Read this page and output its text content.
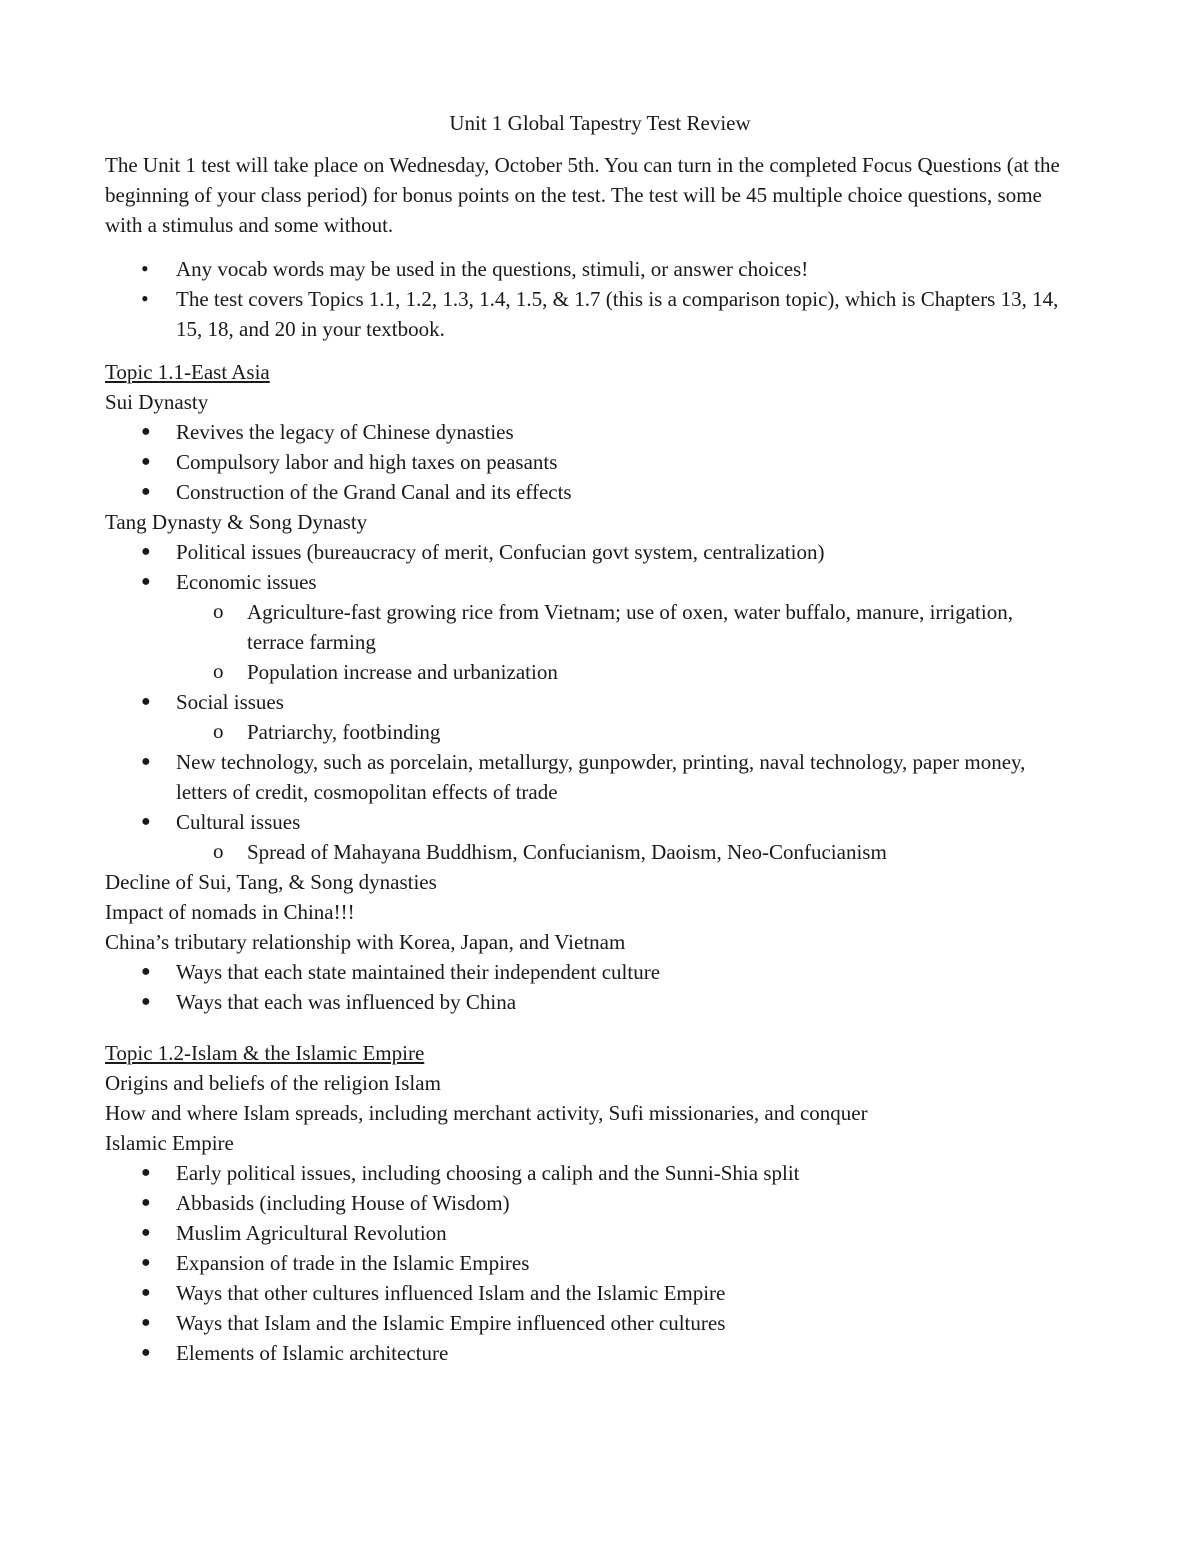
Unit 1 Global Tapestry Test Review

The Unit 1 test will take place on Wednesday, October 5th. You can turn in the completed Focus Questions (at the beginning of your class period) for bonus points on the test. The test will be 45 multiple choice questions, some with a stimulus and some without.

• Any vocab words may be used in the questions, stimuli, or answer choices!
• The test covers Topics 1.1, 1.2, 1.3, 1.4, 1.5, & 1.7 (this is a comparison topic), which is Chapters 13, 14, 15, 18, and 20 in your textbook.
Topic 1.1-East Asia
Sui Dynasty
● Revives the legacy of Chinese dynasties
● Compulsory labor and high taxes on peasants
● Construction of the Grand Canal and its effects
Tang Dynasty & Song Dynasty
● Political issues (bureaucracy of merit, Confucian govt system, centralization)
● Economic issues
o Agriculture-fast growing rice from Vietnam; use of oxen, water buffalo, manure, irrigation, terrace farming
o Population increase and urbanization
● Social issues
o Patriarchy, footbinding
● New technology, such as porcelain, metallurgy, gunpowder, printing, naval technology, paper money, letters of credit, cosmopolitan effects of trade
● Cultural issues
o Spread of Mahayana Buddhism, Confucianism, Daoism, Neo-Confucianism
Decline of Sui, Tang, & Song dynasties
Impact of nomads in China!!!
China’s tributary relationship with Korea, Japan, and Vietnam
● Ways that each state maintained their independent culture
● Ways that each was influenced by China
Topic 1.2-Islam & the Islamic Empire
Origins and beliefs of the religion Islam
How and where Islam spreads, including merchant activity, Sufi missionaries, and conquer
Islamic Empire
● Early political issues, including choosing a caliph and the Sunni-Shia split
● Abbasids (including House of Wisdom)
● Muslim Agricultural Revolution
● Expansion of trade in the Islamic Empires
● Ways that other cultures influenced Islam and the Islamic Empire
● Ways that Islam and the Islamic Empire influenced other cultures
● Elements of Islamic architecture
